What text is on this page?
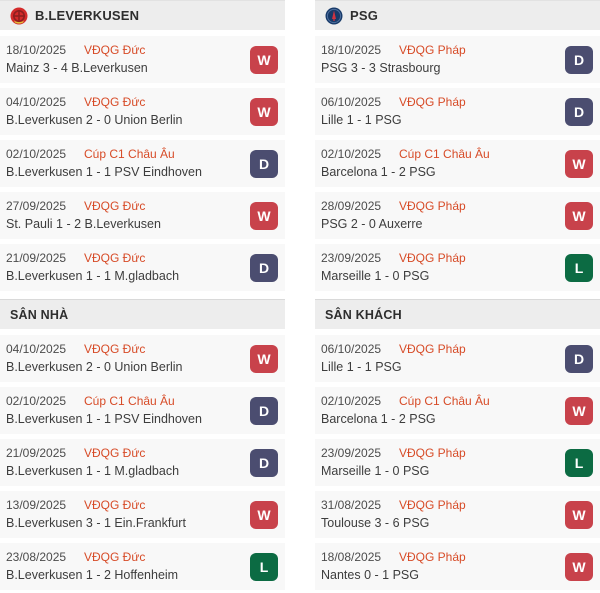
B.LEVERKUSEN
18/10/2025 VĐQG Đức
Mainz 3 - 4 B.Leverkusen
W
04/10/2025 VĐQG Đức
B.Leverkusen 2 - 0 Union Berlin
W
02/10/2025 Cúp C1 Châu Âu
B.Leverkusen 1 - 1 PSV Eindhoven
D
27/09/2025 VĐQG Đức
St. Pauli 1 - 2 B.Leverkusen
W
21/09/2025 VĐQG Đức
B.Leverkusen 1 - 1 M.gladbach
D
SÂN NHÀ
04/10/2025 VĐQG Đức
B.Leverkusen 2 - 0 Union Berlin
W
02/10/2025 Cúp C1 Châu Âu
B.Leverkusen 1 - 1 PSV Eindhoven
D
21/09/2025 VĐQG Đức
B.Leverkusen 1 - 1 M.gladbach
D
13/09/2025 VĐQG Đức
B.Leverkusen 3 - 1 Ein.Frankfurt
W
23/08/2025 VĐQG Đức
B.Leverkusen 1 - 2 Hoffenheim
L
PSG
18/10/2025 VĐQG Pháp
PSG 3 - 3 Strasbourg
D
06/10/2025 VĐQG Pháp
Lille 1 - 1 PSG
D
02/10/2025 Cúp C1 Châu Âu
Barcelona 1 - 2 PSG
W
28/09/2025 VĐQG Pháp
PSG 2 - 0 Auxerre
W
23/09/2025 VĐQG Pháp
Marseille 1 - 0 PSG
L
SÂN KHÁCH
06/10/2025 VĐQG Pháp
Lille 1 - 1 PSG
D
02/10/2025 Cúp C1 Châu Âu
Barcelona 1 - 2 PSG
W
23/09/2025 VĐQG Pháp
Marseille 1 - 0 PSG
L
31/08/2025 VĐQG Pháp
Toulouse 3 - 6 PSG
W
18/08/2025 VĐQG Pháp
Nantes 0 - 1 PSG
W
